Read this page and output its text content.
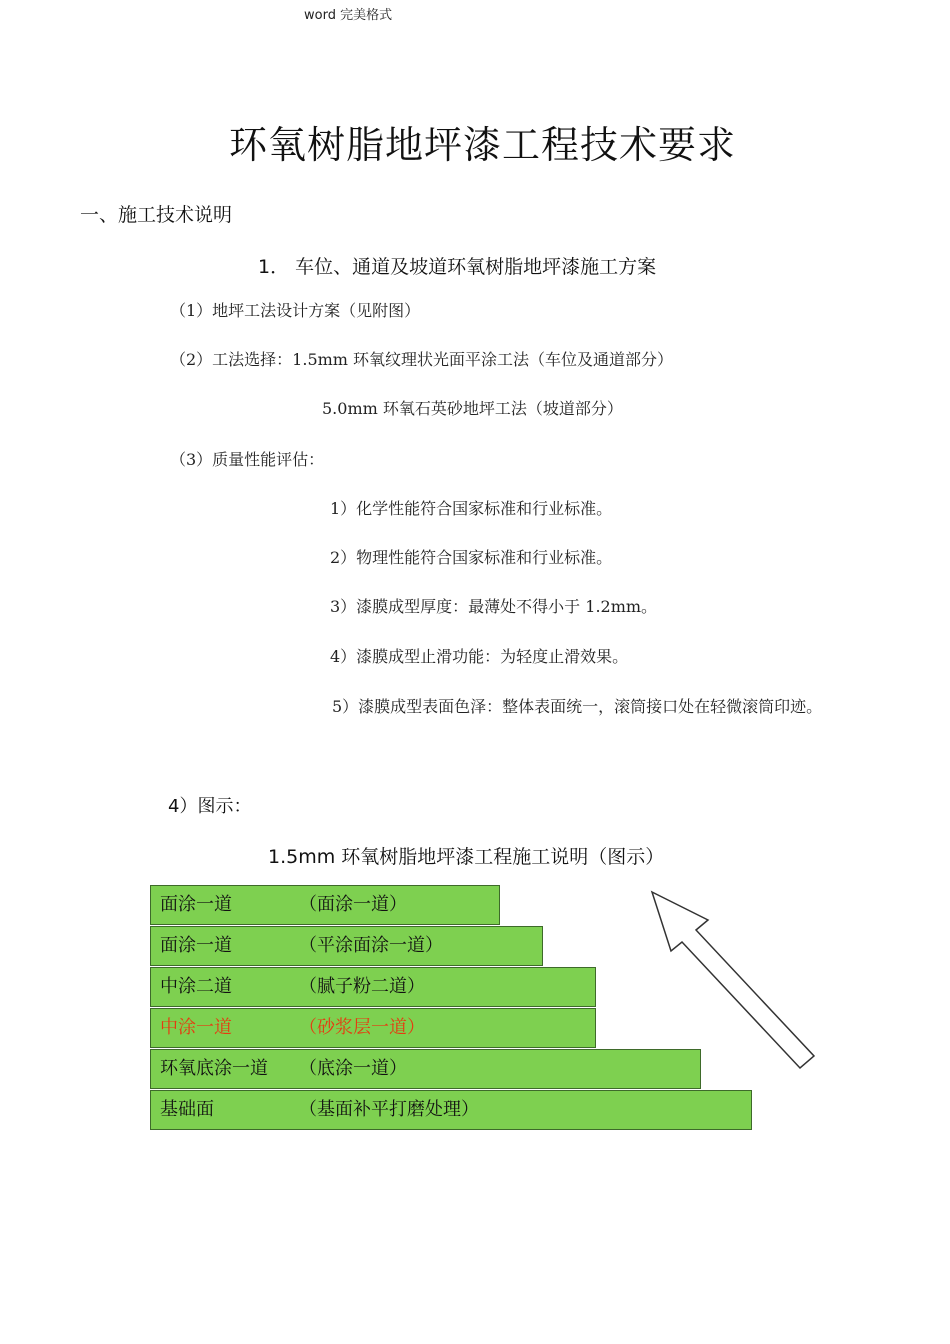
word 完美格式
环氧树脂地坪漆工程技术要求
一、施工技术说明
1． 车位、通道及坡道环氧树脂地坪漆施工方案
（1）地坪工法设计方案（见附图）
（2）工法选择：1.5mm 环氧纹理状光面平涂工法（车位及通道部分）
5.0mm 环氧石英砂地坪工法（坡道部分）
（3）质量性能评估：
1）化学性能符合国家标准和行业标准。
2）物理性能符合国家标准和行业标准。
3）漆膜成型厚度：最薄处不得小于 1.2mm。
4）漆膜成型止滑功能：为轻度止滑效果。
5）漆膜成型表面色泽：整体表面统一，滚筒接口处在轻微滚筒印迹。
4）图示：
1.5mm 环氧树脂地坪漆工程施工说明（图示）
面涂一道	（面涂一道）
面涂一道	（平涂面涂一道）
中涂二道	（腻子粉二道）
中涂一道	（砂浆层一道）
环氧底涂一道 （底涂一道）
基础面	（基面补平打磨处理）
